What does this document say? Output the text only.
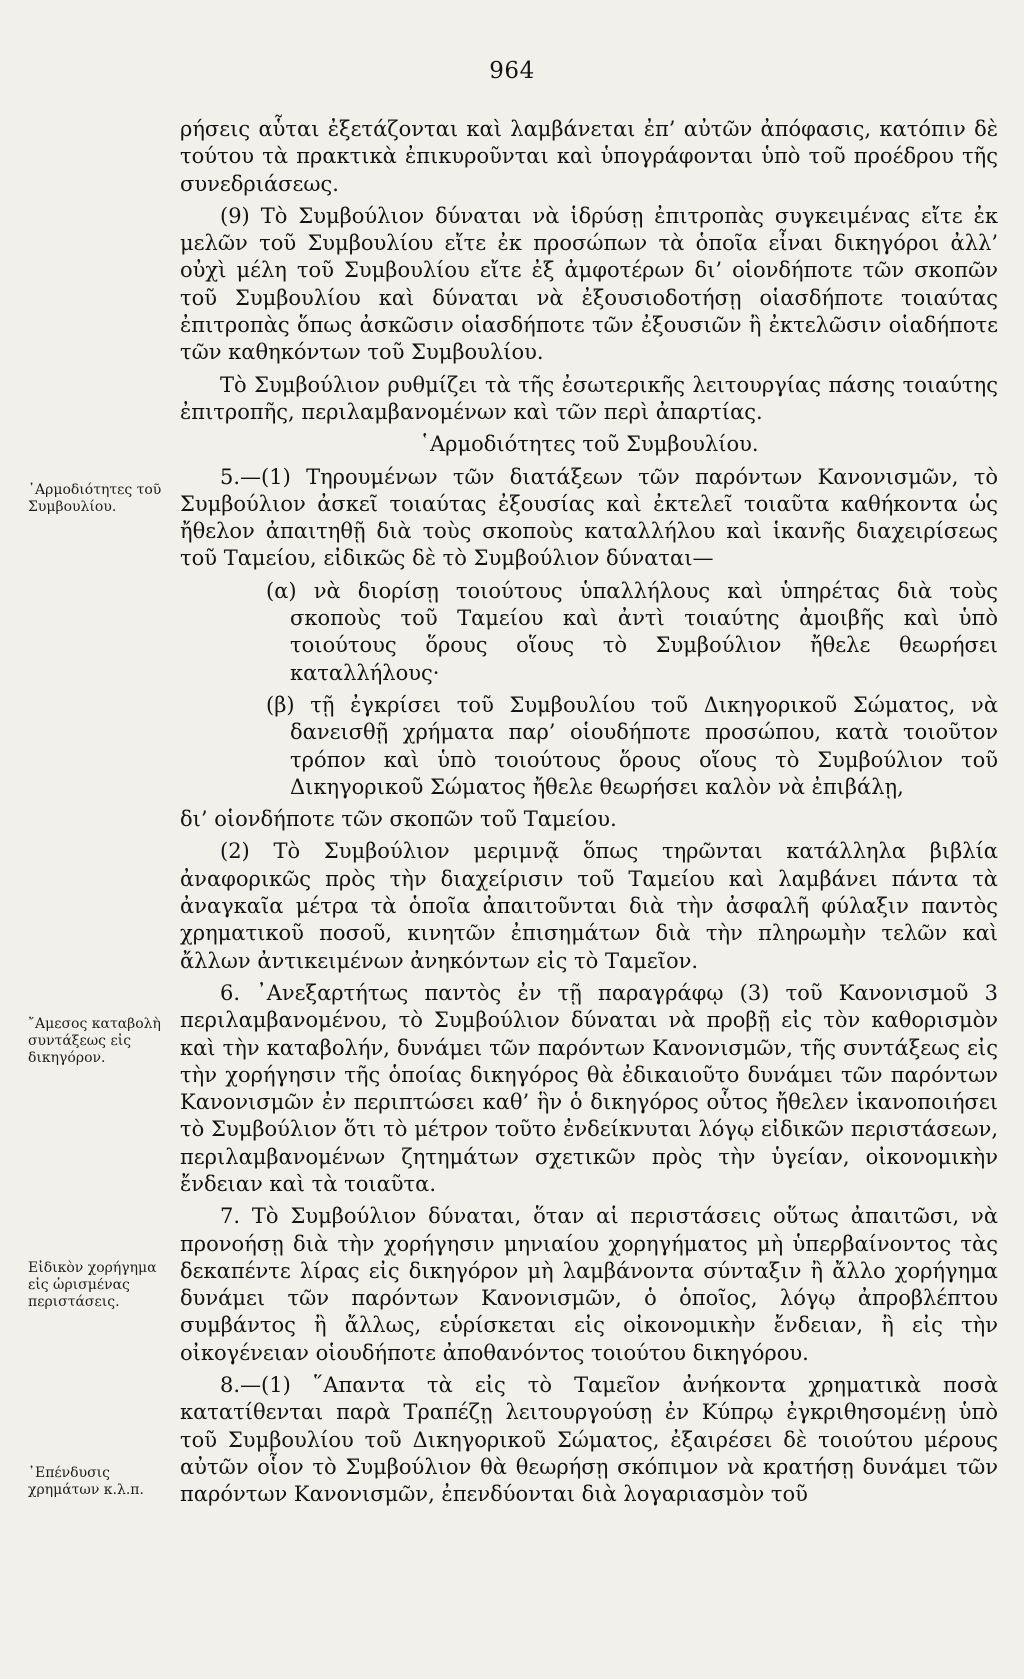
964
᾿Αρμοδιότητες τοῦ Συμβουλίου.
῎Αμεσος καταβολὴ συντάξεως εἰς δικηγόρον.
Εἰδικὸν χορήγημα εἰς ὡρισμένας περιστάσεις.
᾿Επένδυσις χρημάτων κ.λ.π.

ρήσεις αὗται ἐξετάζονται καὶ λαμβάνεται ἐπ’ αὐτῶν ἀπόφασις, κατόπιν δὲ τούτου τὰ πρακτικὰ ἐπικυροῦνται καὶ ὑπογράφονται ὑπὸ τοῦ προέδρου τῆς συνεδριάσεως.

(9) Τὸ Συμβούλιον δύναται νὰ ἱδρύσῃ ἐπιτροπὰς συγκειμένας εἴτε ἐκ μελῶν τοῦ Συμβουλίου εἴτε ἐκ προσώπων τὰ ὁποῖα εἶναι δικηγόροι ἀλλ’ οὐχὶ μέλη τοῦ Συμβουλίου εἴτε ἐξ ἀμφοτέρων δι’ οἱονδήποτε τῶν σκοπῶν τοῦ Συμβουλίου καὶ δύναται νὰ ἐξουσιοδοτήσῃ οἱασδήποτε τοιαύτας ἐπιτροπὰς ὅπως ἀσκῶσιν οἱασδήποτε τῶν ἐξουσιῶν ἢ ἐκτελῶσιν οἱαδήποτε τῶν καθηκόντων τοῦ Συμβουλίου.

Τὸ Συμβούλιον ρυθμίζει τὰ τῆς ἐσωτερικῆς λειτουργίας πάσης τοιαύτης ἐπιτροπῆς, περιλαμβανομένων καὶ τῶν περὶ ἀπαρτίας.

῾Αρμοδιότητες τοῦ Συμβουλίου.

5.—(1) Τηρουμένων τῶν διατάξεων τῶν παρόντων Κανονισμῶν, τὸ Συμβούλιον ἀσκεῖ τοιαύτας ἐξουσίας καὶ ἐκτελεῖ τοιαῦτα καθήκοντα ὡς ἤθελον ἀπαιτηθῇ διὰ τοὺς σκοποὺς καταλλήλου καὶ ἱκανῆς διαχειρίσεως τοῦ Ταμείου, εἰδικῶς δὲ τὸ Συμβούλιον δύναται—

(α) νὰ διορίσῃ τοιούτους ὑπαλλήλους καὶ ὑπηρέτας διὰ τοὺς σκοποὺς τοῦ Ταμείου καὶ ἀντὶ τοιαύτης ἀμοιβῆς καὶ ὑπὸ τοιούτους ὅρους οἵους τὸ Συμβούλιον ἤθελε θεωρήσει καταλλήλους·

(β) τῇ ἐγκρίσει τοῦ Συμβουλίου τοῦ Δικηγορικοῦ Σώματος, νὰ δανεισθῇ χρήματα παρ’ οἱουδήποτε προσώπου, κατὰ τοιοῦτον τρόπον καὶ ὑπὸ τοιούτους ὅρους οἵους τὸ Συμβούλιον τοῦ Δικηγορικοῦ Σώματος ἤθελε θεωρήσει καλὸν νὰ ἐπιβάλῃ,

δι’ οἱονδήποτε τῶν σκοπῶν τοῦ Ταμείου.

(2) Τὸ Συμβούλιον μεριμνᾷ ὅπως τηρῶνται κατάλληλα βιβλία ἀναφορικῶς πρὸς τὴν διαχείρισιν τοῦ Ταμείου καὶ λαμβάνει πάντα τὰ ἀναγκαῖα μέτρα τὰ ὁποῖα ἀπαιτοῦνται διὰ τὴν ἀσφαλῆ φύλαξιν παντὸς χρηματικοῦ ποσοῦ, κινητῶν ἐπισημάτων διὰ τὴν πληρωμὴν τελῶν καὶ ἄλλων ἀντικειμένων ἀνηκόντων εἰς τὸ Ταμεῖον.

6. ᾿Ανεξαρτήτως παντὸς ἐν τῇ παραγράφῳ (3) τοῦ Κανονισμοῦ 3 περιλαμβανομένου, τὸ Συμβούλιον δύναται νὰ προβῇ εἰς τὸν καθορισμὸν καὶ τὴν καταβολήν, δυνάμει τῶν παρόντων Κανονισμῶν, τῆς συντάξεως εἰς τὴν χορήγησιν τῆς ὁποίας δικηγόρος θὰ ἐδικαιοῦτο δυνάμει τῶν παρόντων Κανονισμῶν ἐν περιπτώσει καθ’ ἣν ὁ δικηγόρος οὗτος ἤθελεν ἱκανοποιήσει τὸ Συμβούλιον ὅτι τὸ μέτρον τοῦτο ἐνδείκνυται λόγῳ εἰδικῶν περιστάσεων, περιλαμβανομένων ζητημάτων σχετικῶν πρὸς τὴν ὑγείαν, οἰκονομικὴν ἔνδειαν καὶ τὰ τοιαῦτα.

7. Τὸ Συμβούλιον δύναται, ὅταν αἱ περιστάσεις οὕτως ἀπαιτῶσι, νὰ προνοήσῃ διὰ τὴν χορήγησιν μηνιαίου χορηγήματος μὴ ὑπερβαίνοντος τὰς δεκαπέντε λίρας εἰς δικηγόρον μὴ λαμβάνοντα σύνταξιν ἢ ἄλλο χορήγημα δυνάμει τῶν παρόντων Κανονισμῶν, ὁ ὁποῖος, λόγῳ ἀπροβλέπτου συμβάντος ἢ ἄλλως, εὑρίσκεται εἰς οἰκονομικὴν ἔνδειαν, ἢ εἰς τὴν οἰκογένειαν οἱουδήποτε ἀποθανόντος τοιούτου δικηγόρου.

8.—(1) ῞Απαντα τὰ εἰς τὸ Ταμεῖον ἀνήκοντα χρηματικὰ ποσὰ κατατίθενται παρὰ Τραπέζῃ λειτουργούσῃ ἐν Κύπρῳ ἐγκριθησομένῃ ὑπὸ τοῦ Συμβουλίου τοῦ Δικηγορικοῦ Σώματος, ἐξαιρέσει δὲ τοιούτου μέρους αὐτῶν οἷον τὸ Συμβούλιον θὰ θεωρήσῃ σκόπιμον νὰ κρατήσῃ δυνάμει τῶν παρόντων Κανονισμῶν, ἐπενδύονται διὰ λογαριασμὸν τοῦ
